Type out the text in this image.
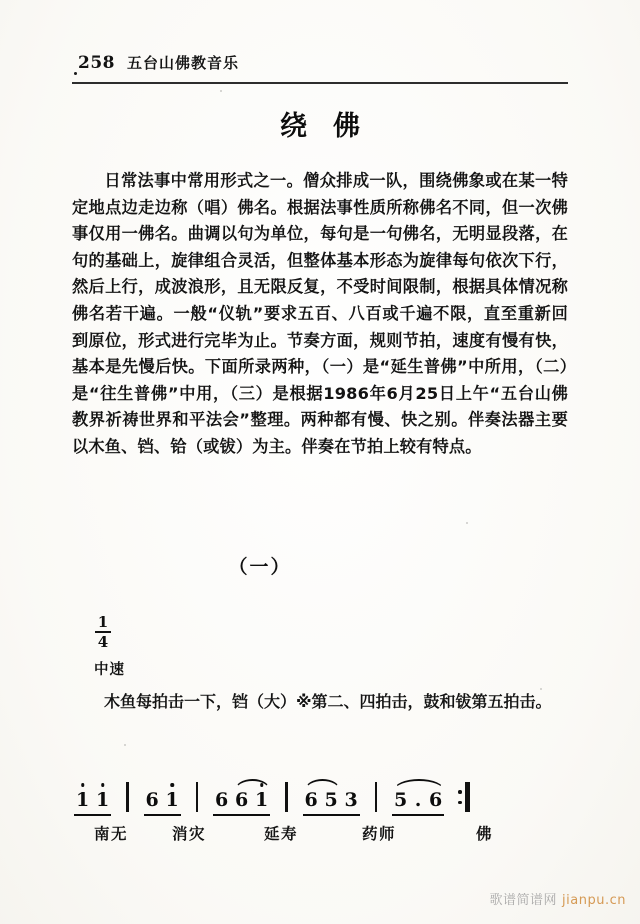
258 五台山佛教音乐
绕佛

日常法事中常用形式之一。僧众排成一队，围绕佛象或在某一特定地点边走边称（唱）佛名。根据法事性质所称佛名不同，但一次佛事仅用一佛名。曲调以句为单位，每句是一句佛名，无明显段落，在句的基础上，旋律组合灵活，但整体基本形态为旋律每句依次下行，然后上行，成波浪形，且无限反复，不受时间限制，根据具体情况称佛名若干遍。一般“仪轨”要求五百、八百或千遍不限，直至重新回到原位，形式进行完毕为止。节奏方面，规则节拍，速度有慢有快，基本是先慢后快。下面所录两种，（一）是“延生普佛”中所用，（二）是“往生普佛”中用，（三）是根据1986年6月25日上午“五台山佛教界祈祷世界和平法会”整理。两种都有慢、快之别。伴奏法器主要以木鱼、铛、铪（或钹）为主。伴奏在节拍上较有特点。

（一）
1
4
中速

木鱼每拍击一下，铛（大）※第二、四拍击，鼓和钹第五拍击。

1 1 6 1 6 6 1 6 5 3 5 . 6
南无	消灾	延寿	药师	佛
歌谱简谱网 jianpu.cn
